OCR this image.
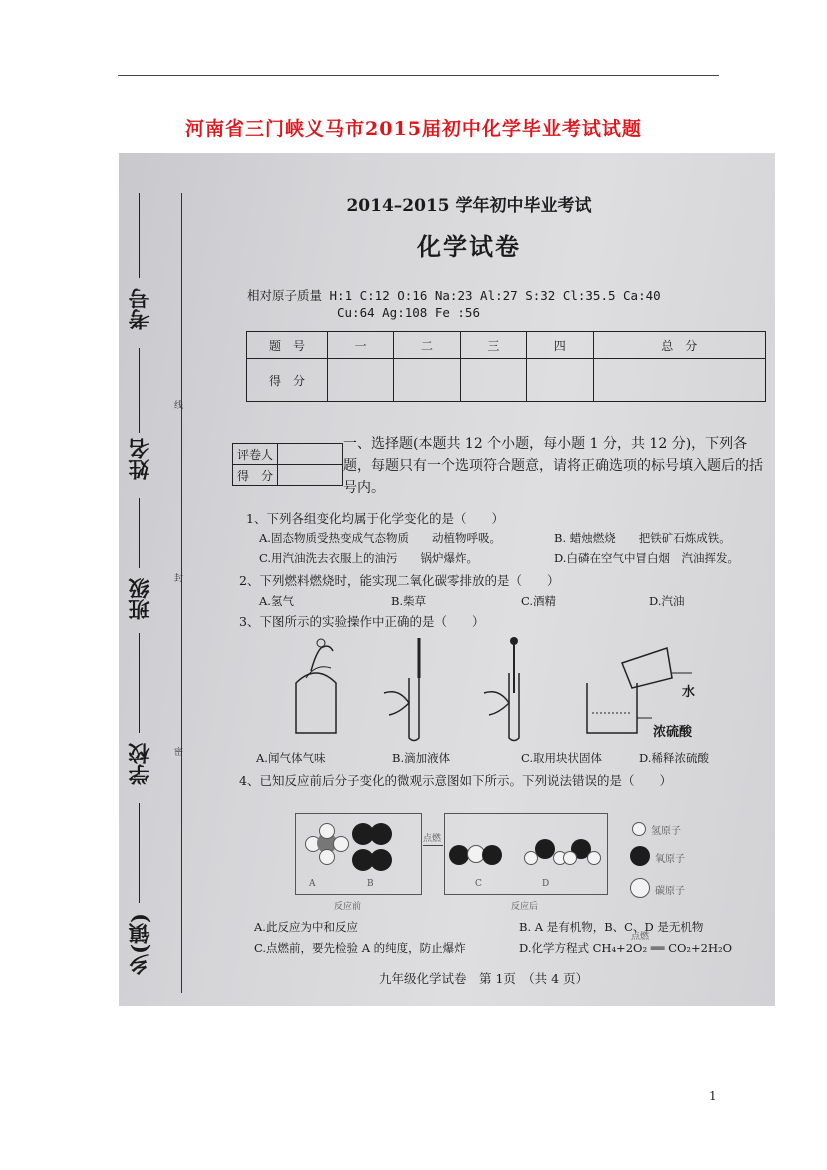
河南省三门峡义马市2015届初中化学毕业考试试题
线
封
密
考号
姓名
班级
学校
乡(镇)
2014–2015 学年初中毕业考试
化学试卷
相对原子质量 H:1 C:12 O:16 Na:23 Al:27 S:32 Cl:35.5 Ca:40
Cu:64 Ag:108 Fe :56
题　号	一	二	三	四	总　分
得　分					
评卷人	
得　分	
一、选择题(本题共 12 个小题，每小题 1 分，共 12 分)，下列各题，每题只有一个选项符合题意，请将正确选项的标号填入题后的括号内。
1、下列各组变化均属于化学变化的是（　　）
A.固态物质受热变成气态物质　　动植物呼吸。	B. 蜡烛燃烧　　把铁矿石炼成铁。
C.用汽油洗去衣服上的油污　　锅炉爆炸。	D.白磷在空气中冒白烟　汽油挥发。
2、下列燃料燃烧时，能实现二氧化碳零排放的是（　　）
A.氢气	B.柴草	C.酒精	D.汽油
3、下图所示的实验操作中正确的是（　　）
水
浓硫酸
A.闻气体气味	B.滴加液体	C.取用块状固体	D.稀释浓硫酸
4、已知反应前后分子变化的微观示意图如下所示。下列说法错误的是（　　）
A	B
反应前
点燃
C	D
反应后
氢原子
氧原子
碳原子
A.此反应为中和反应	B. A 是有机物，B、C、D 是无机物
C.点燃前，要先检验 A 的纯度，防止爆炸	D.化学方程式 CH₄+2O₂ ══ CO₂+2H₂O
点燃
九年级化学试卷　第 1页　（共 4 页）
1
